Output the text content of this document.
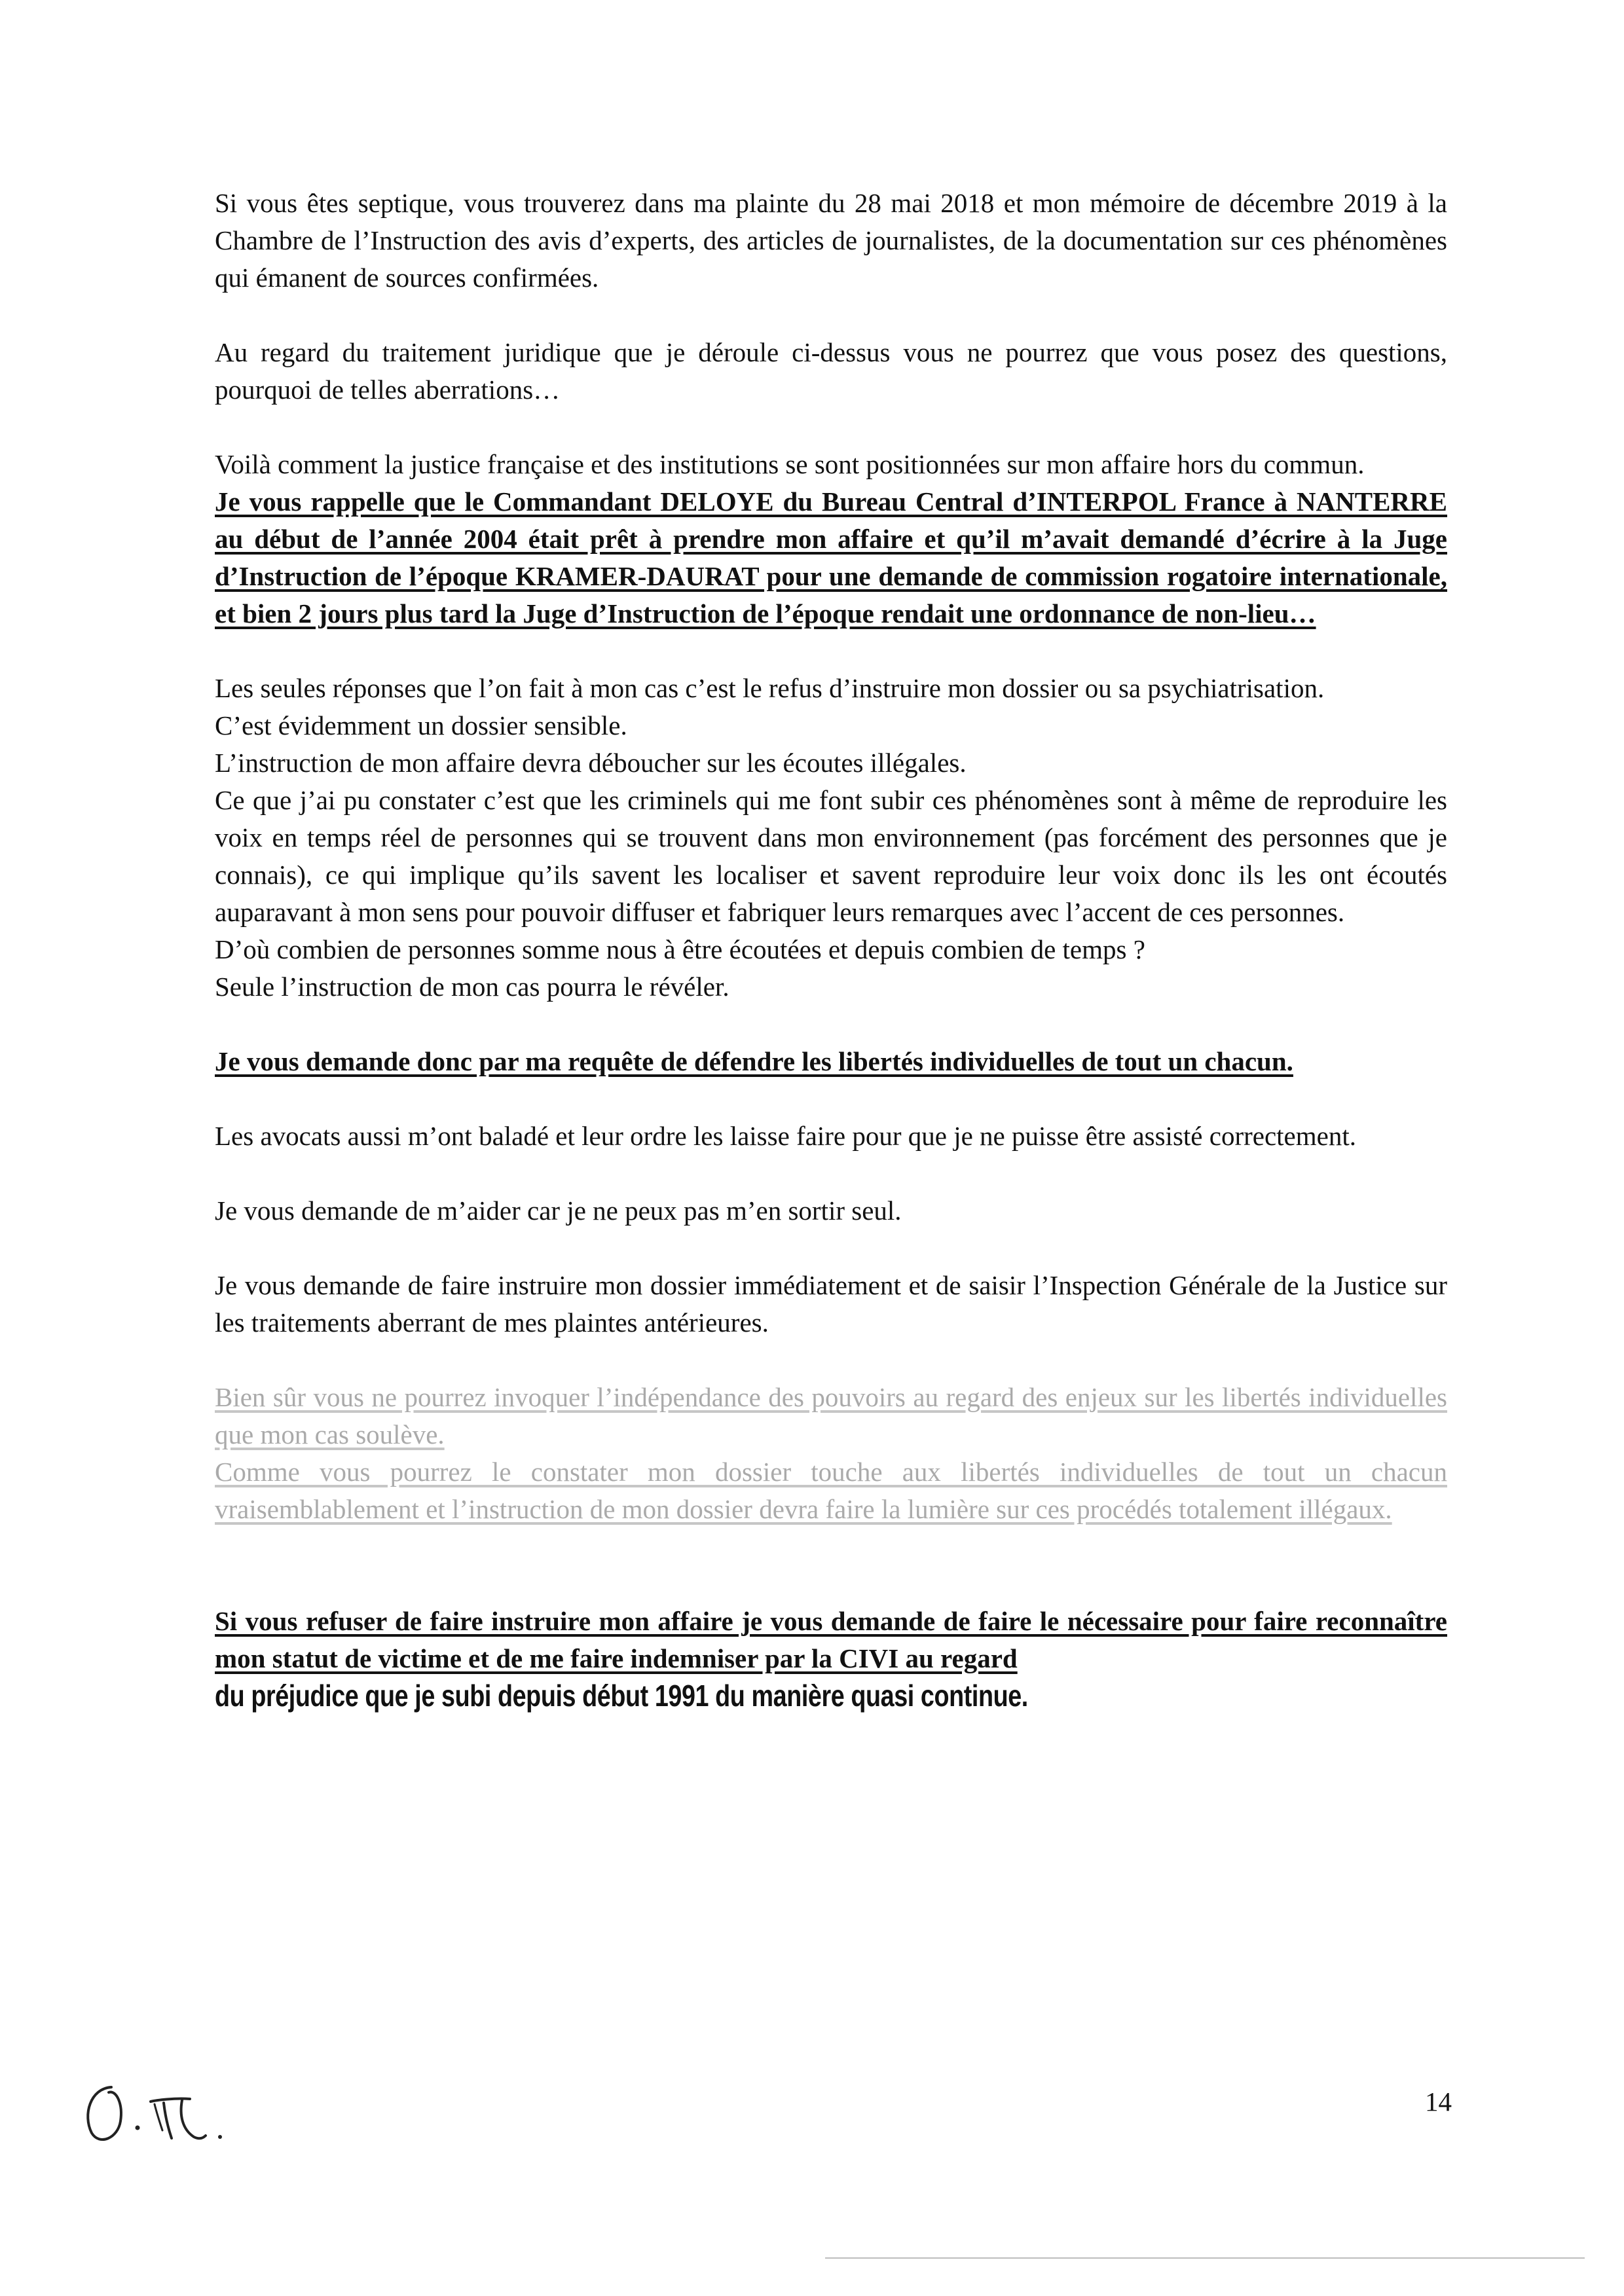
Si vous êtes septique, vous trouverez dans ma plainte du 28 mai 2018 et mon mémoire de décembre 2019 à la Chambre de l’Instruction des avis d’experts, des articles de journalistes, de la documentation sur ces phénomènes qui émanent de sources confirmées.

Au regard du traitement juridique que je déroule ci-dessus vous ne pourrez que vous posez des questions, pourquoi de telles aberrations…

Voilà comment la justice française et des institutions se sont positionnées sur mon affaire hors du commun.

Je vous rappelle que le Commandant DELOYE du Bureau Central d’INTERPOL France à NANTERRE au début de l’année 2004 était prêt à prendre mon affaire et qu’il m’avait demandé d’écrire à la Juge d’Instruction de l’époque KRAMER-DAURAT pour une demande de commission rogatoire internationale, et bien 2 jours plus tard la Juge d’Instruction de l’époque rendait une ordonnance de non-lieu…

Les seules réponses que l’on fait à mon cas c’est le refus d’instruire mon dossier ou sa psychiatrisation.

C’est évidemment un dossier sensible.

L’instruction de mon affaire devra déboucher sur les écoutes illégales.

Ce que j’ai pu constater c’est que les criminels qui me font subir ces phénomènes sont à même de reproduire les voix en temps réel de personnes qui se trouvent dans mon environnement (pas forcément des personnes que je connais), ce qui implique qu’ils savent les localiser et savent reproduire leur voix donc ils les ont écoutés auparavant à mon sens pour pouvoir diffuser et fabriquer leurs remarques avec l’accent de ces personnes.

D’où combien de personnes somme nous à être écoutées et depuis combien de temps ?

Seule l’instruction de mon cas pourra le révéler.

Je vous demande donc par ma requête de défendre les libertés individuelles de tout un chacun.

Les avocats aussi m’ont baladé et leur ordre les laisse faire pour que je ne puisse être assisté correctement.

Je vous demande de m’aider car je ne peux pas m’en sortir seul.

Je vous demande de faire instruire mon dossier immédiatement et de saisir l’Inspection Générale de la Justice sur les traitements aberrant de mes plaintes antérieures.

Bien sûr vous ne pourrez invoquer l’indépendance des pouvoirs au regard des enjeux sur les libertés individuelles que mon cas soulève.

Comme vous pourrez le constater mon dossier touche aux libertés individuelles de tout un chacun vraisemblablement et l’instruction de mon dossier devra faire la lumière sur ces procédés totalement illégaux.

Si vous refuser de faire instruire mon affaire je vous demande de faire le nécessaire pour faire reconnaître mon statut de victime et de me faire indemniser par la CIVI au regard

du préjudice que je subi depuis début 1991 du manière quasi continue.

14
